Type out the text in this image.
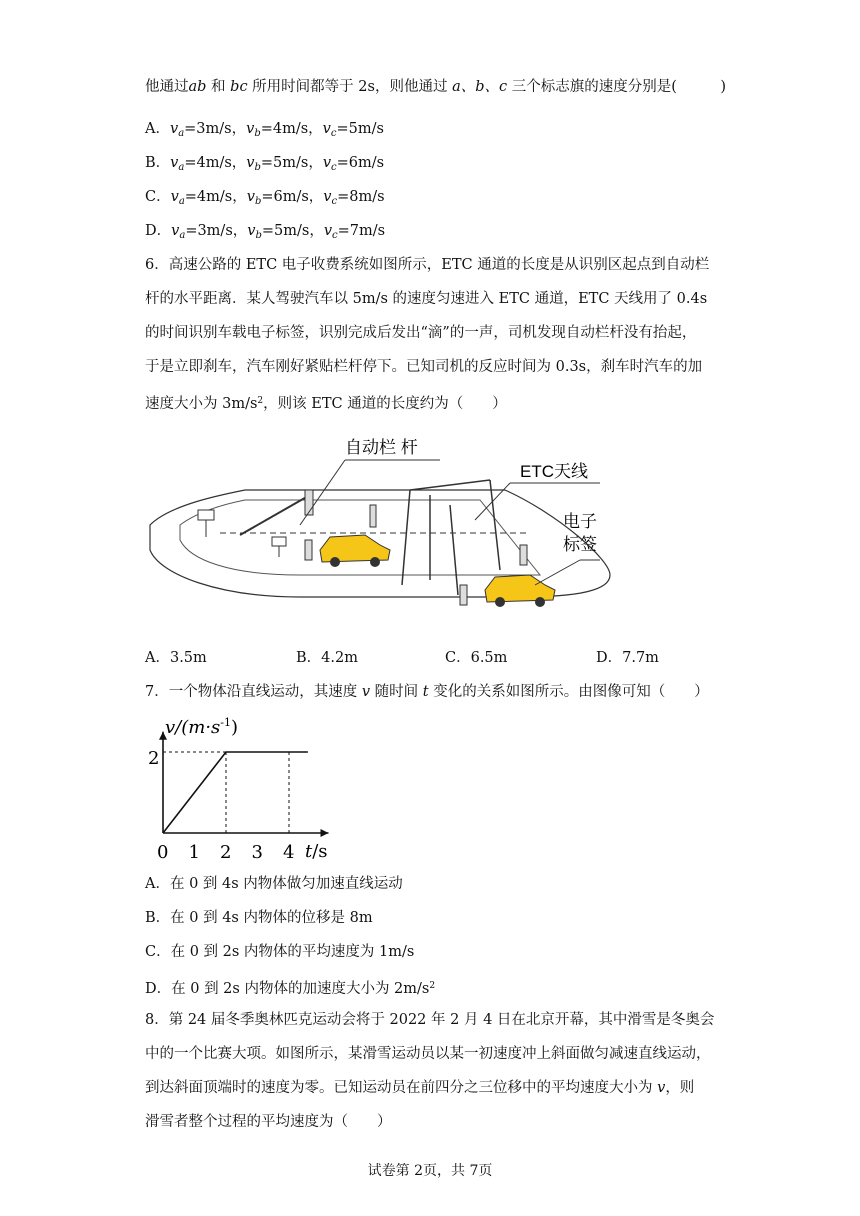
他通过ab 和 bc 所用时间都等于 2s，则他通过 a、b、c 三个标志旗的速度分别是(　　　)
A．$v_a=3m/s$，$v_b=4m/s$，$v_c=5m/s$
B．$v_a=4m/s$，$v_b=5m/s$，$v_c=6m/s$
C．$v_a=4m/s$，$v_b=6m/s$，$v_c=8m/s$
D．$v_a=3m/s$，$v_b=5m/s$，$v_c=7m/s$
6．高速公路的 ETC 电子收费系统如图所示，ETC 通道的长度是从识别区起点到自动栏
杆的水平距离．某人驾驶汽车以 5m/s 的速度匀速进入 ETC 通道，ETC 天线用了 0.4s
的时间识别车载电子标签，识别完成后发出“滴”的一声，司机发现自动栏杆没有抬起，
于是立即刹车，汽车刚好紧贴栏杆停下。已知司机的反应时间为 0.3s，刹车时汽车的加
速度大小为 $3m/s^2$，则该 ETC 通道的长度约为（　　）
自动栏 杆
ETC天线
电子
标签
A．3.5m	B．4.2m	C．6.5m	D．7.7m
7．一个物体沿直线运动，其速度 v 随时间 t 变化的关系如图所示。由图像可知（　　）
$v/(m\cdot s^{-1})$
t/s
2
0 1 2 3 4
A．在 0 到 4s 内物体做匀加速直线运动
B．在 0 到 4s 内物体的位移是 8m
C．在 0 到 2s 内物体的平均速度为 1m/s
D．在 0 到 2s 内物体的加速度大小为 $2m/s^2$
8．第 24 届冬季奥林匹克运动会将于 2022 年 2 月 4 日在北京开幕，其中滑雪是冬奥会
中的一个比赛大项。如图所示，某滑雪运动员以某一初速度冲上斜面做匀减速直线运动，
到达斜面顶端时的速度为零。已知运动员在前四分之三位移中的平均速度大小为 v，则
滑雪者整个过程的平均速度为（　　）
试卷第 2页，共 7页
